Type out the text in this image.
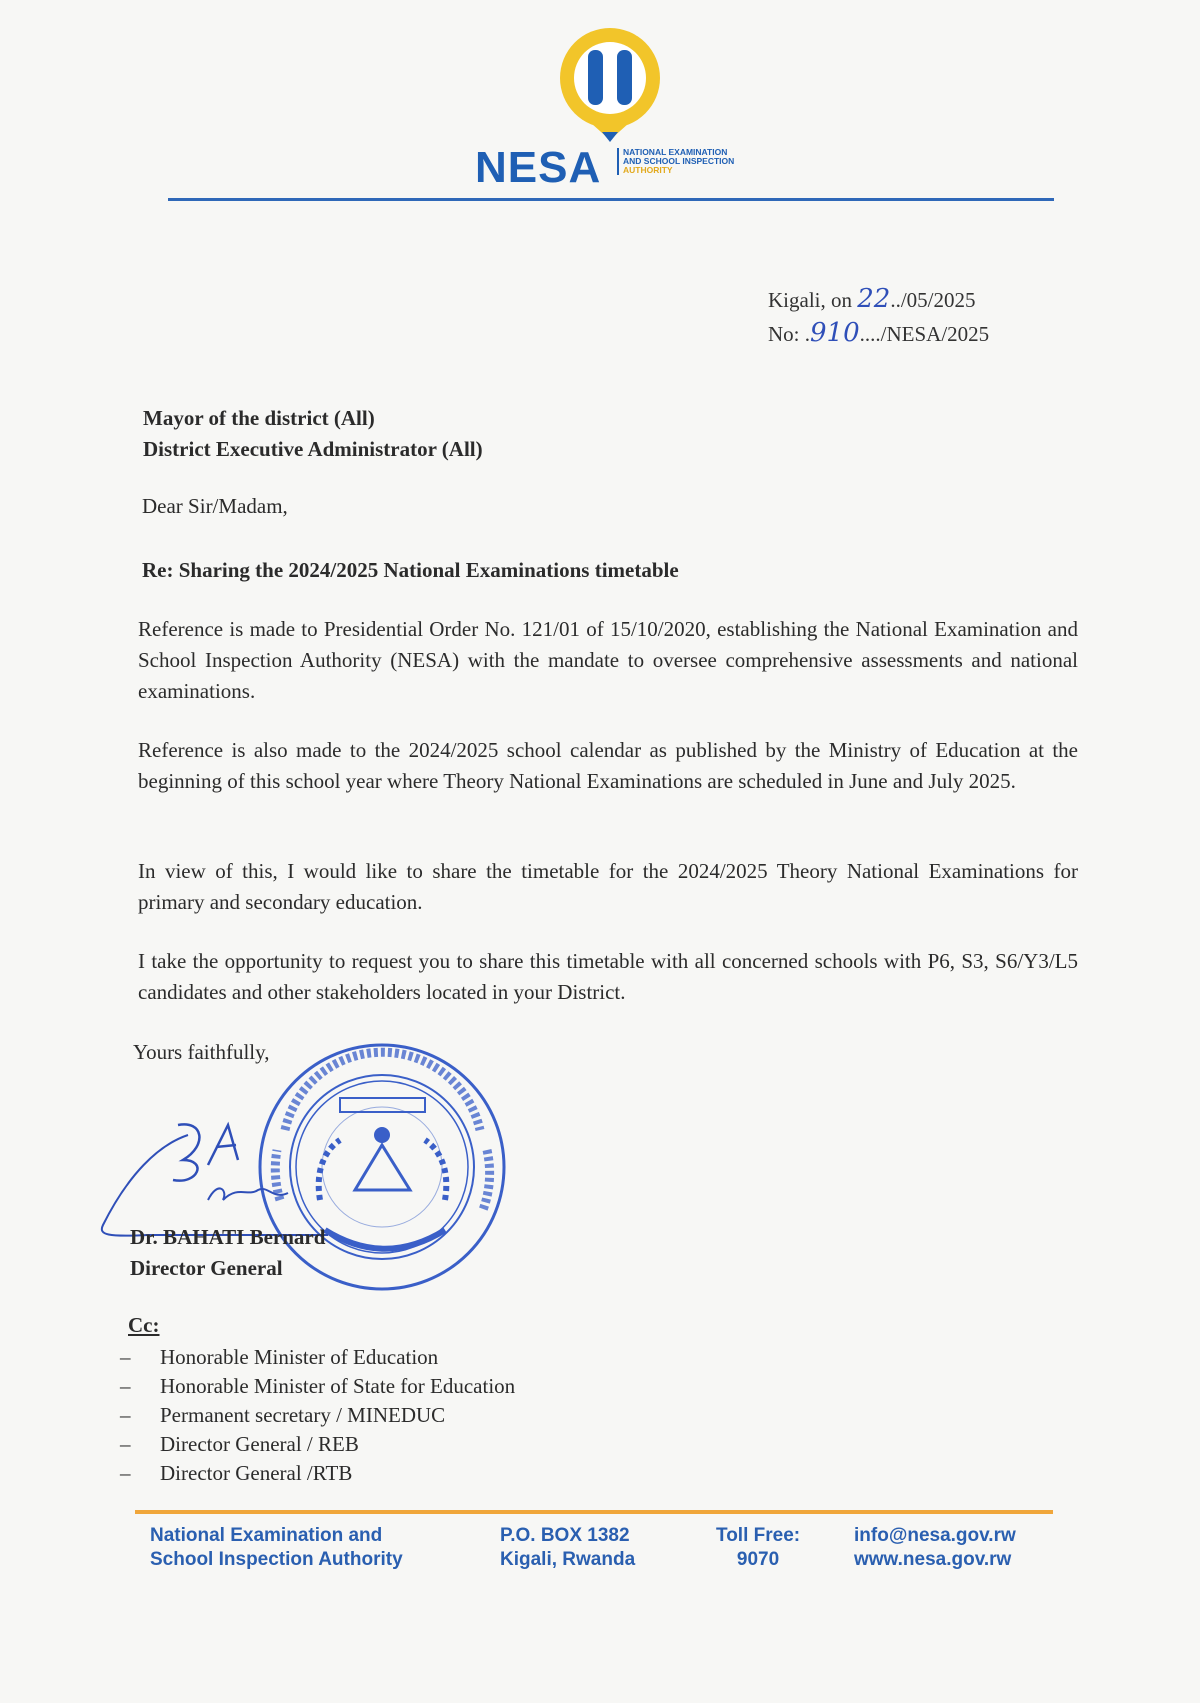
NESA	NATIONAL EXAMINATION
AND SCHOOL INSPECTION
AUTHORITY
Kigali, on 22../05/2025
No: .910..../NESA/2025
Mayor of the district (All)
District Executive Administrator (All)
Dear Sir/Madam,
Re: Sharing the 2024/2025 National Examinations timetable
Reference is made to Presidential Order No. 121/01 of 15/10/2020, establishing the National Examination and School Inspection Authority (NESA) with the mandate to oversee comprehensive assessments and national examinations.
Reference is also made to the 2024/2025 school calendar as published by the Ministry of Education at the beginning of this school year where Theory National Examinations are scheduled in June and July 2025.
In view of this, I would like to share the timetable for the 2024/2025 Theory National Examinations for primary and secondary education.
I take the opportunity to request you to share this timetable with all concerned schools with P6, S3, S6/Y3/L5 candidates and other stakeholders located in your District.
Yours faithfully,
Dr. BAHATI Bernard
Director General
Cc:
– Honorable Minister of Education
– Honorable Minister of State for Education
– Permanent secretary / MINEDUC
– Director General / REB
– Director General /RTB
National Examination and
School Inspection Authority
P.O. BOX 1382
Kigali, Rwanda
Toll Free:
9070
info@nesa.gov.rw
www.nesa.gov.rw
